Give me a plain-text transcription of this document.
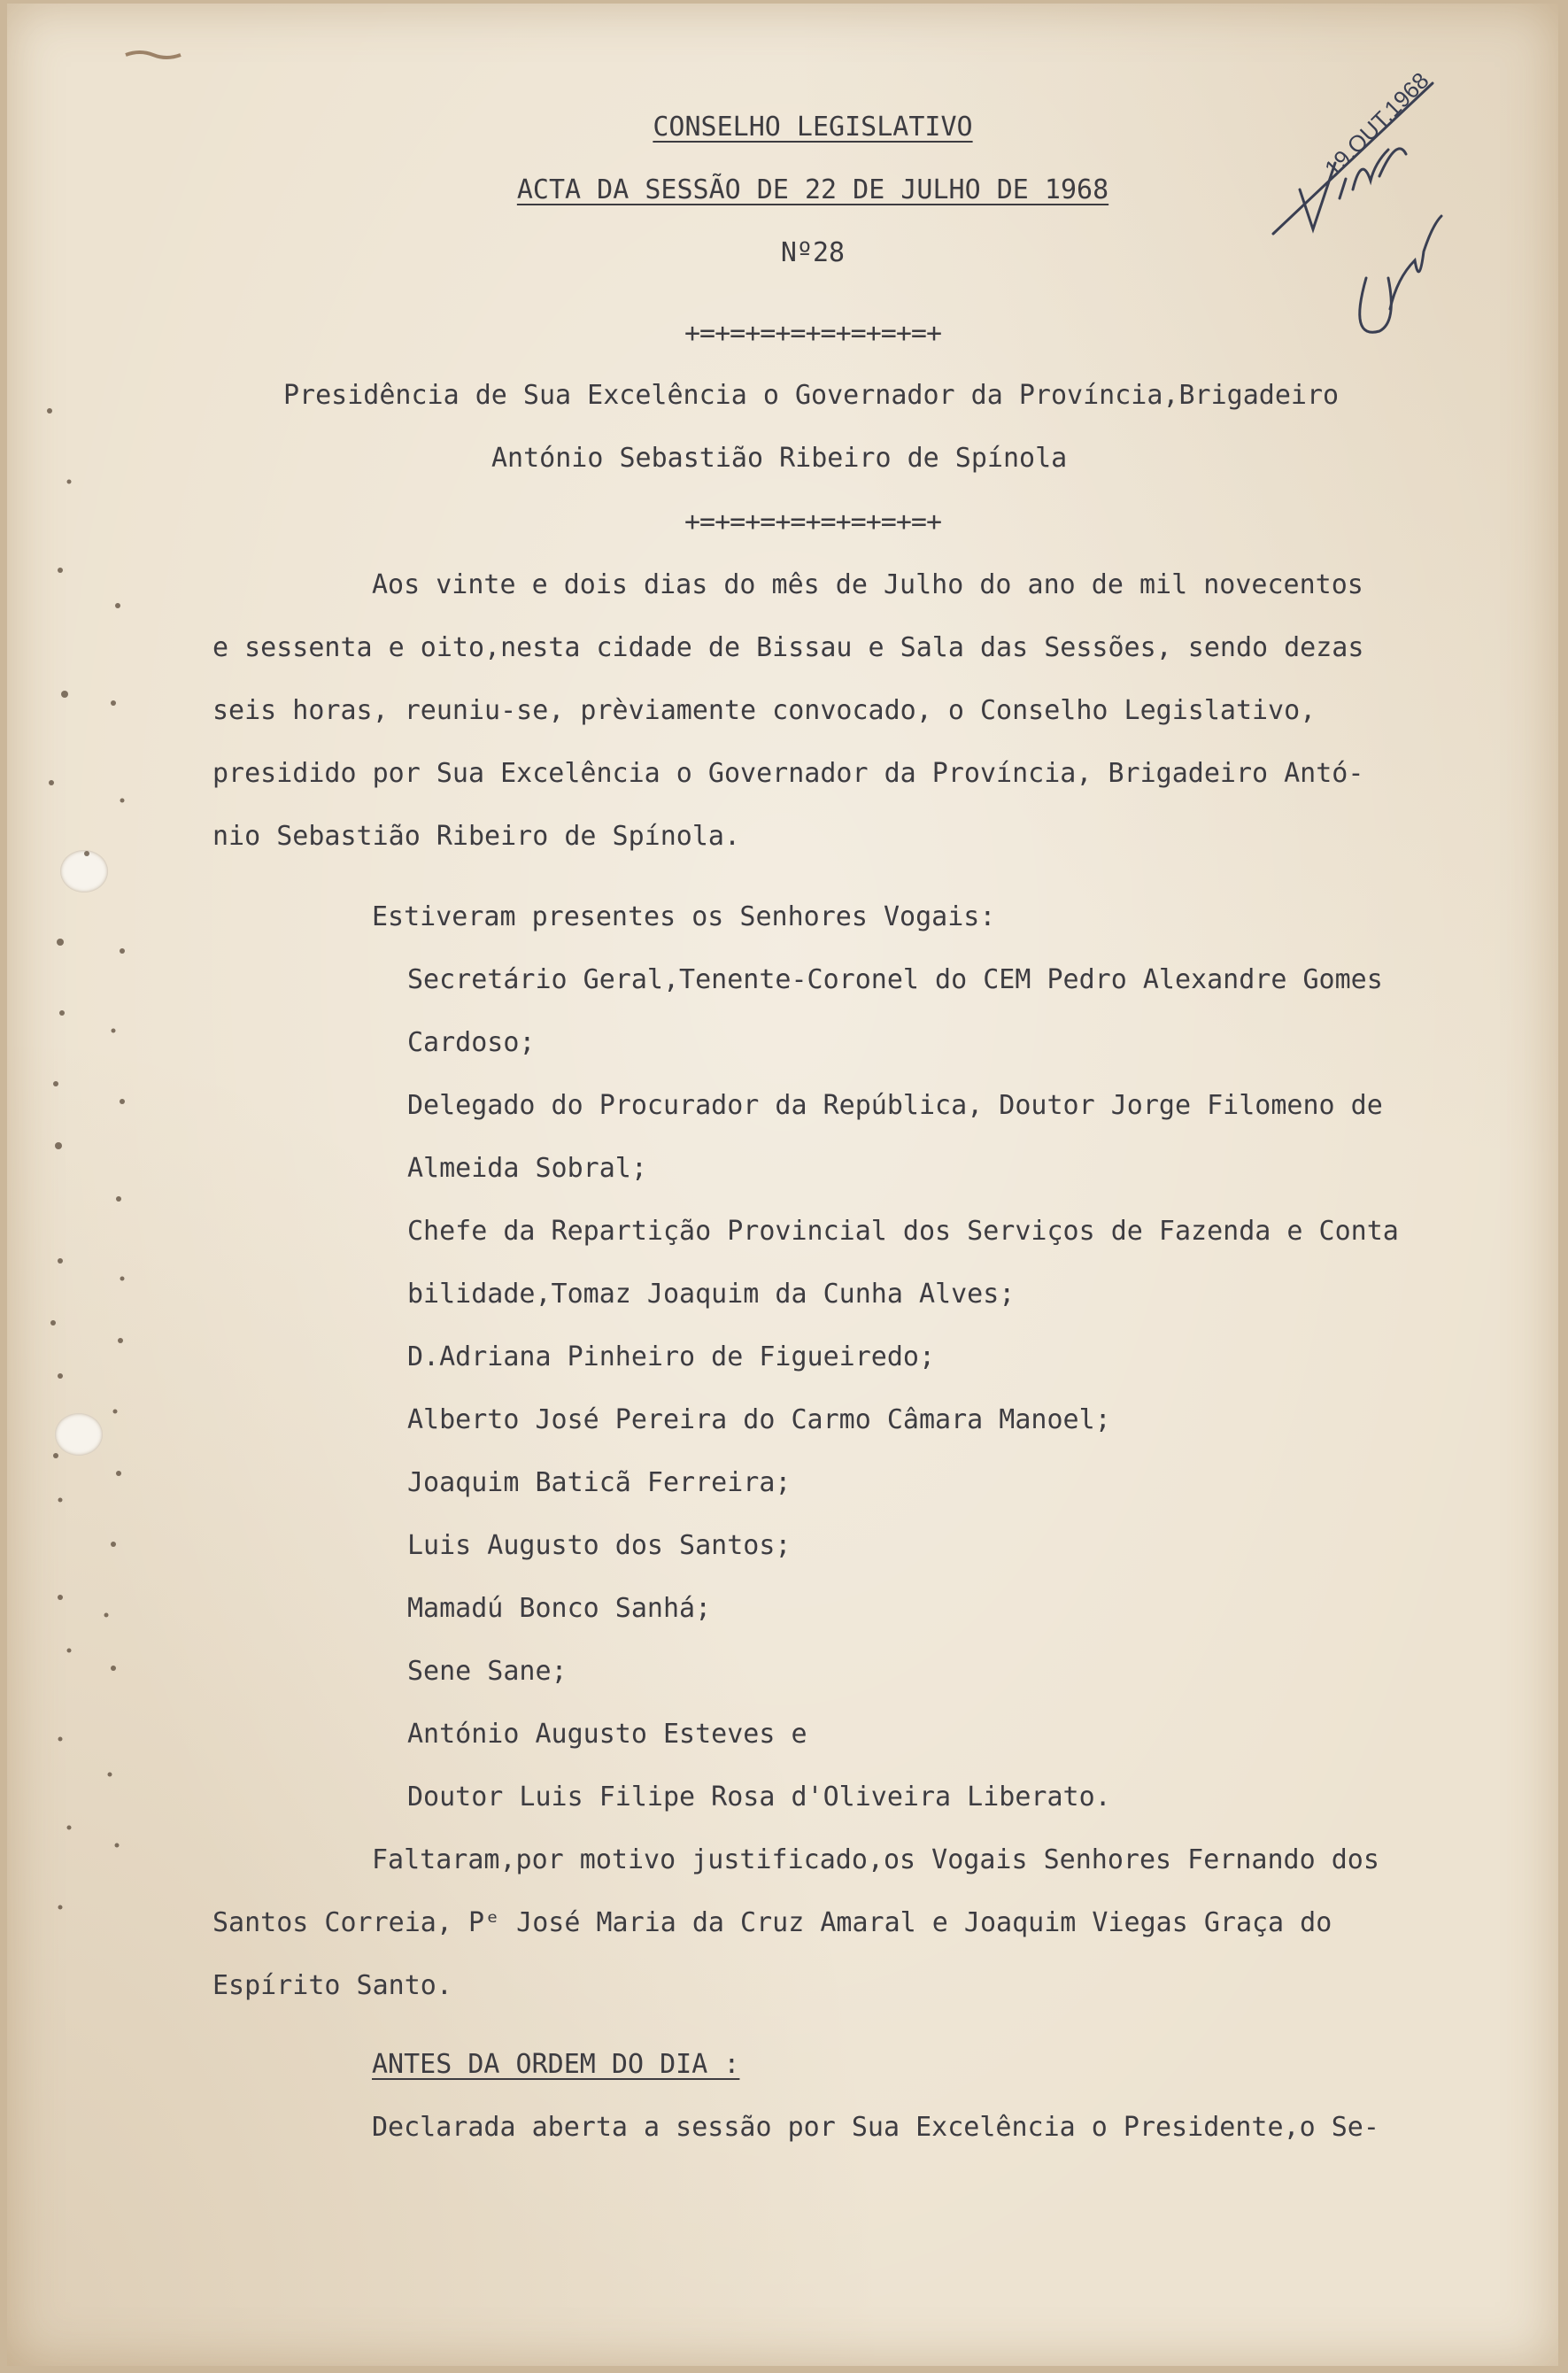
19.OUT.1968
CONSELHO LEGISLATIVO
ACTA DA SESSÃO DE 22 DE JULHO DE 1968
Nº28
+=+=+=+=+=+=+=+=+
Presidência de Sua Excelência o Governador da Província,Brigadeiro
António Sebastião Ribeiro de Spínola
+=+=+=+=+=+=+=+=+
Aos vinte e dois dias do mês de Julho do ano de mil novecentos
e sessenta e oito,nesta cidade de Bissau e Sala das Sessões, sendo dezas
seis horas, reuniu-se, prèviamente convocado, o Conselho Legislativo,
presidido por Sua Excelência o Governador da Província, Brigadeiro Antó-
nio Sebastião Ribeiro de Spínola.
Estiveram presentes os Senhores Vogais:
Secretário Geral,Tenente-Coronel do CEM Pedro Alexandre Gomes
Cardoso;
Delegado do Procurador da República, Doutor Jorge Filomeno de
Almeida Sobral;
Chefe da Repartição Provincial dos Serviços de Fazenda e Conta
bilidade,Tomaz Joaquim da Cunha Alves;
D.Adriana Pinheiro de Figueiredo;
Alberto José Pereira do Carmo Câmara Manoel;
Joaquim Baticã Ferreira;
Luis Augusto dos Santos;
Mamadú Bonco Sanhá;
Sene Sane;
António Augusto Esteves e
Doutor Luis Filipe Rosa d'Oliveira Liberato.
Faltaram,por motivo justificado,os Vogais Senhores Fernando dos
Santos Correia, Pᵉ José Maria da Cruz Amaral e Joaquim Viegas Graça do
Espírito Santo.
ANTES DA ORDEM DO DIA :
Declarada aberta a sessão por Sua Excelência o Presidente,o Se-
